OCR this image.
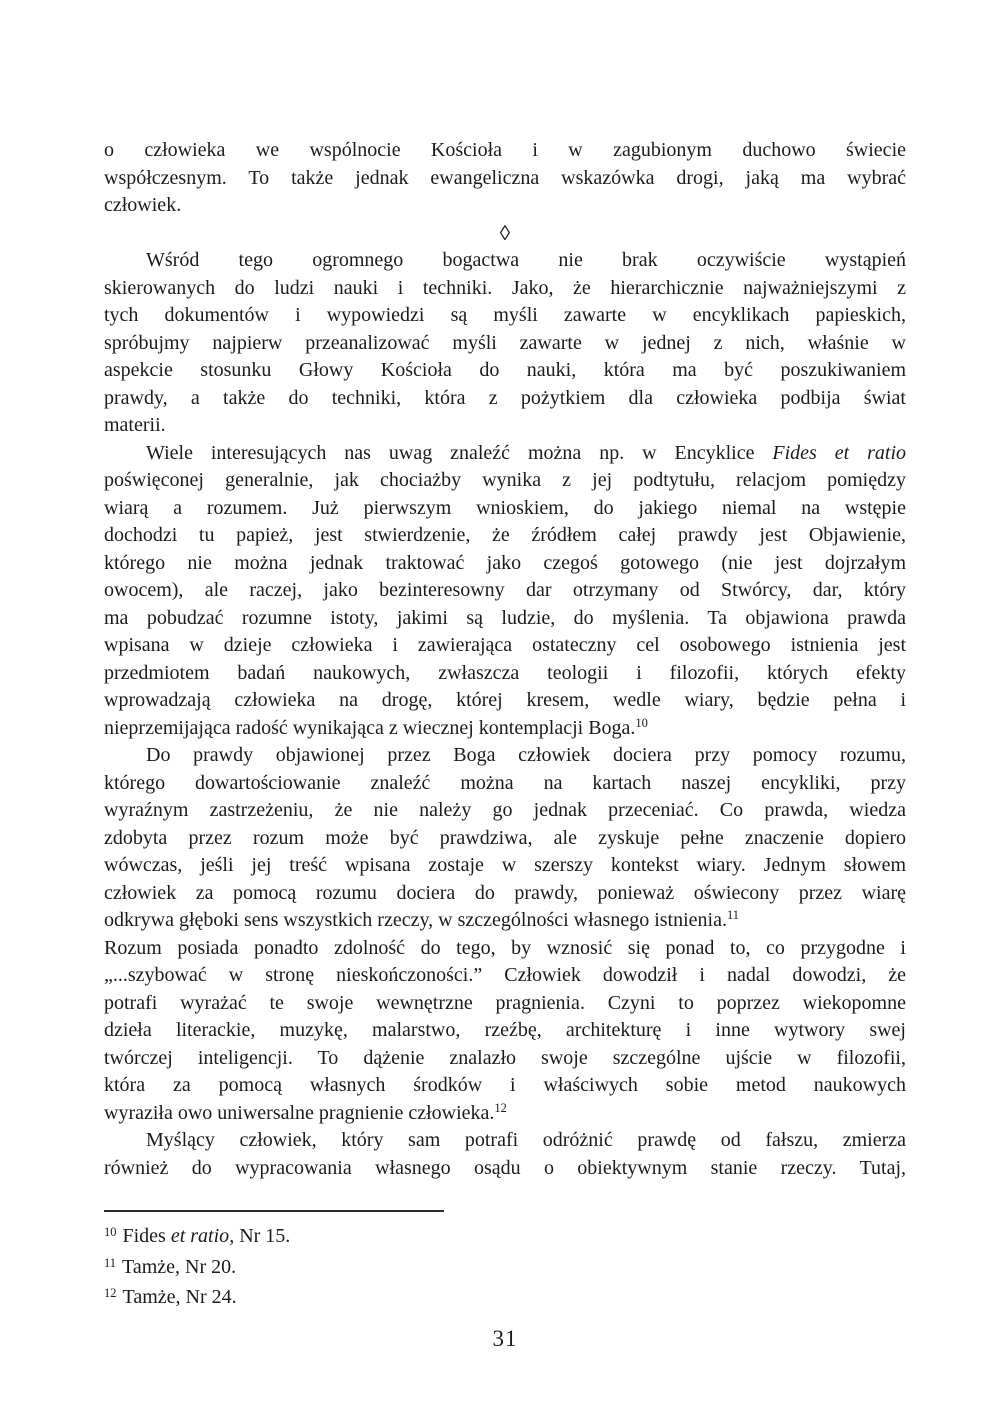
o człowieka we wspólnocie Kościoła i w zagubionym duchowo świecie
współczesnym. To także jednak ewangeliczna wskazówka drogi, jaką ma wybrać
człowiek.
◊
Wśród tego ogromnego bogactwa nie brak oczywiście wystąpień
skierowanych do ludzi nauki i techniki. Jako, że hierarchicznie najważniejszymi z
tych dokumentów i wypowiedzi są myśli zawarte w encyklikach papieskich,
spróbujmy najpierw przeanalizować myśli zawarte w jednej z nich, właśnie w
aspekcie stosunku Głowy Kościoła do nauki, która ma być poszukiwaniem
prawdy, a także do techniki, która z pożytkiem dla człowieka podbija świat
materii.
Wiele interesujących nas uwag znaleźć można np. w Encyklice Fides et ratio
poświęconej generalnie, jak chociażby wynika z jej podtytułu, relacjom pomiędzy
wiarą a rozumem. Już pierwszym wnioskiem, do jakiego niemal na wstępie
dochodzi tu papież, jest stwierdzenie, że źródłem całej prawdy jest Objawienie,
którego nie można jednak traktować jako czegoś gotowego (nie jest dojrzałym
owocem), ale raczej, jako bezinteresowny dar otrzymany od Stwórcy, dar, który
ma pobudzać rozumne istoty, jakimi są ludzie, do myślenia. Ta objawiona prawda
wpisana w dzieje człowieka i zawierająca ostateczny cel osobowego istnienia jest
przedmiotem badań naukowych, zwłaszcza teologii i filozofii, których efekty
wprowadzają człowieka na drogę, której kresem, wedle wiary, będzie pełna i
nieprzemijająca radość wynikająca z wiecznej kontemplacji Boga.$^{10}$
Do prawdy objawionej przez Boga człowiek dociera przy pomocy rozumu,
którego dowartościowanie znaleźć można na kartach naszej encykliki, przy
wyraźnym zastrzeżeniu, że nie należy go jednak przeceniać. Co prawda, wiedza
zdobyta przez rozum może być prawdziwa, ale zyskuje pełne znaczenie dopiero
wówczas, jeśli jej treść wpisana zostaje w szerszy kontekst wiary. Jednym słowem
człowiek za pomocą rozumu dociera do prawdy, ponieważ oświecony przez wiarę
odkrywa głęboki sens wszystkich rzeczy, w szczególności własnego istnienia.$^{11}$
Rozum posiada ponadto zdolność do tego, by wznosić się ponad to, co przygodne i
„...szybować w stronę nieskończoności.” Człowiek dowodził i nadal dowodzi, że
potrafi wyrażać te swoje wewnętrzne pragnienia. Czyni to poprzez wiekopomne
dzieła literackie, muzykę, malarstwo, rzeźbę, architekturę i inne wytwory swej
twórczej inteligencji. To dążenie znalazło swoje szczególne ujście w filozofii,
która za pomocą własnych środków i właściwych sobie metod naukowych
wyraziła owo uniwersalne pragnienie człowieka.$^{12}$
Myślący człowiek, który sam potrafi odróżnić prawdę od fałszu, zmierza
również do wypracowania własnego osądu o obiektywnym stanie rzeczy. Tutaj,
$^{10}$ Fides et ratio, Nr 15.
$^{11}$ Tamże, Nr 20.
$^{12}$ Tamże, Nr 24.
31
